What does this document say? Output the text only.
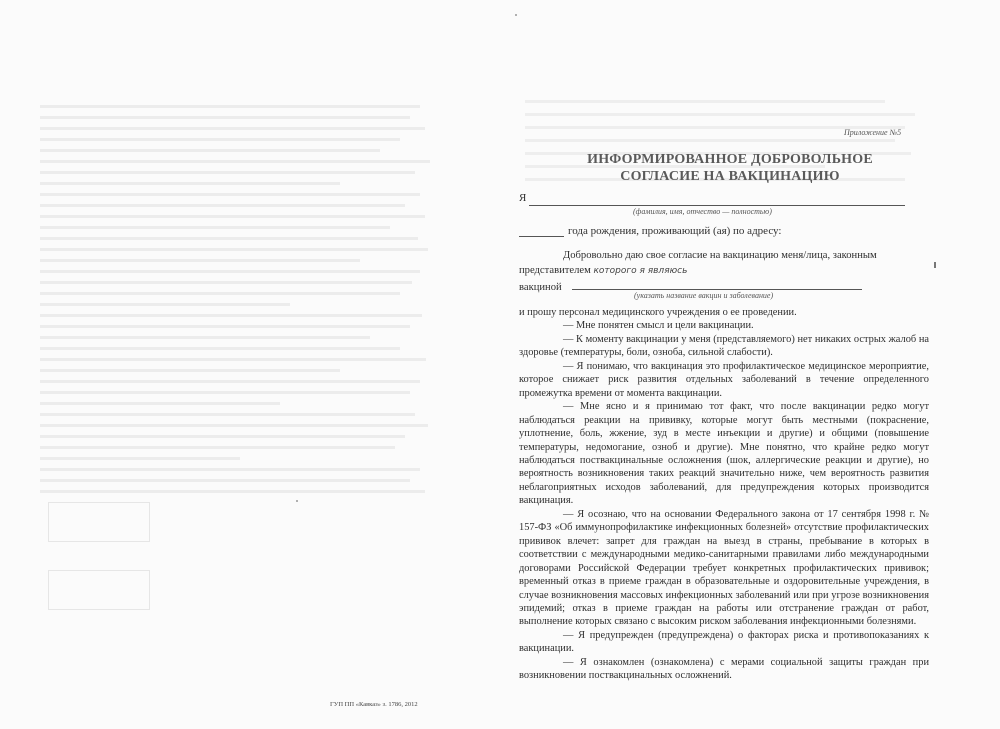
ГУП ПП «Кавказ» з. 1786, 2012
Приложение №5
ИНФОРМИРОВАННОЕ ДОБРОВОЛЬНОЕ
СОГЛАСИЕ НА ВАКЦИНАЦИЮ
Я
(фамилия, имя, отчество — полностью)
года рождения, проживающий (ая) по адресу:

Добровольно даю свое согласие на вакцинацию меня/лица, законным

представителем которого я являюсь

вакциной

(указать название вакцин и заболевание)

и прошу персонал медицинского учреждения о ее проведении.

— Мне понятен смысл и цели вакцинации.

— К моменту вакцинации у меня (представляемого) нет никаких острых жалоб на здоровье (температуры, боли, озноба, сильной слабости).

— Я понимаю, что вакцинация это профилактическое медицинское мероприятие, которое снижает риск развития отдельных заболеваний в течение определенного промежутка времени от момента вакцинации.

— Мне ясно и я принимаю тот факт, что после вакцинации редко могут наблюдаться реакции на прививку, которые могут быть местными (покраснение, уплотнение, боль, жжение, зуд в месте инъекции и другие) и общими (повышение температуры, недомогание, озноб и другие). Мне понятно, что крайне редко могут наблюдаться поствакцинальные осложнения (шок, аллергические реакции и другие), но вероятность возникновения таких реакций значительно ниже, чем вероятность развития неблагоприятных исходов заболеваний, для предупреждения которых производится вакцинация.

— Я осознаю, что на основании Федерального закона от 17 сентября 1998 г. № 157-ФЗ «Об иммунопрофилактике инфекционных болезней» отсутствие профилактических прививок влечет: запрет для граждан на выезд в страны, пребывание в которых в соответствии с международными медико-санитарными правилами либо международными договорами Российской Федерации требует конкретных профилактических прививок; временный отказ в приеме граждан в образовательные и оздоровительные учреждения, в случае возникновения массовых инфекционных заболеваний или при угрозе возникновения эпидемий; отказ в приеме граждан на работы или отстранение граждан от работ, выполнение которых связано с высоким риском заболевания инфекционными болезнями.

— Я предупрежден (предупреждена) о факторах риска и противопоказаниях к вакцинации.

— Я ознакомлен (ознакомлена) с мерами социальной защиты граждан при возникновении поствакцинальных осложнений.
